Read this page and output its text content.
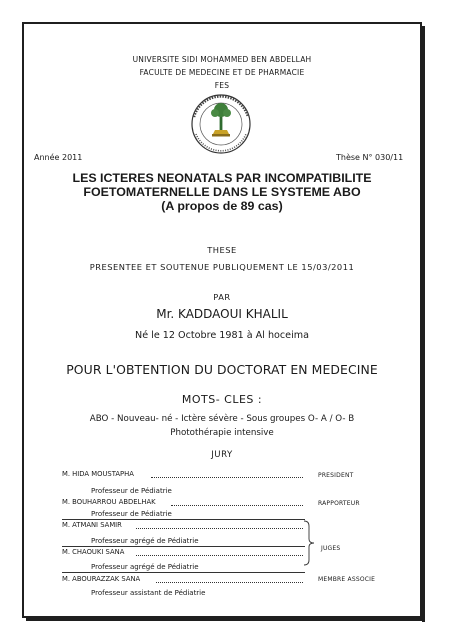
UNIVERSITE SIDI MOHAMMED BEN ABDELLAH
FACULTE DE MEDECINE ET DE PHARMACIE
FES
Année 2011	Thèse N° 030/11
LES ICTERES NEONATALS PAR INCOMPATIBILITE
FOETOMATERNELLE DANS LE SYSTEME ABO
(A propos de 89 cas)
THESE
PRESENTEE ET SOUTENUE PUBLIQUEMENT LE 15/03/2011
PAR
Mr. KADDAOUI KHALIL
Né le 12 Octobre 1981 à Al hoceima
POUR L'OBTENTION DU DOCTORAT EN MEDECINE
MOTS- CLES :
ABO - Nouveau- né - Ictère sévère - Sous groupes O- A / O- B
Photothérapie intensive
JURY
M. HIDA MOUSTAPHA	PRESIDENT
Professeur de Pédiatrie
M. BOUHARROU ABDELHAK	RAPPORTEUR
Professeur de Pédiatrie
M. ATMANI SAMIR
Professeur agrégé de Pédiatrie
M. CHAOUKI SANA
Professeur agrégé de Pédiatrie
JUGES
M. ABOURAZZAK SANA	MEMBRE ASSOCIE
Professeur assistant de Pédiatrie
